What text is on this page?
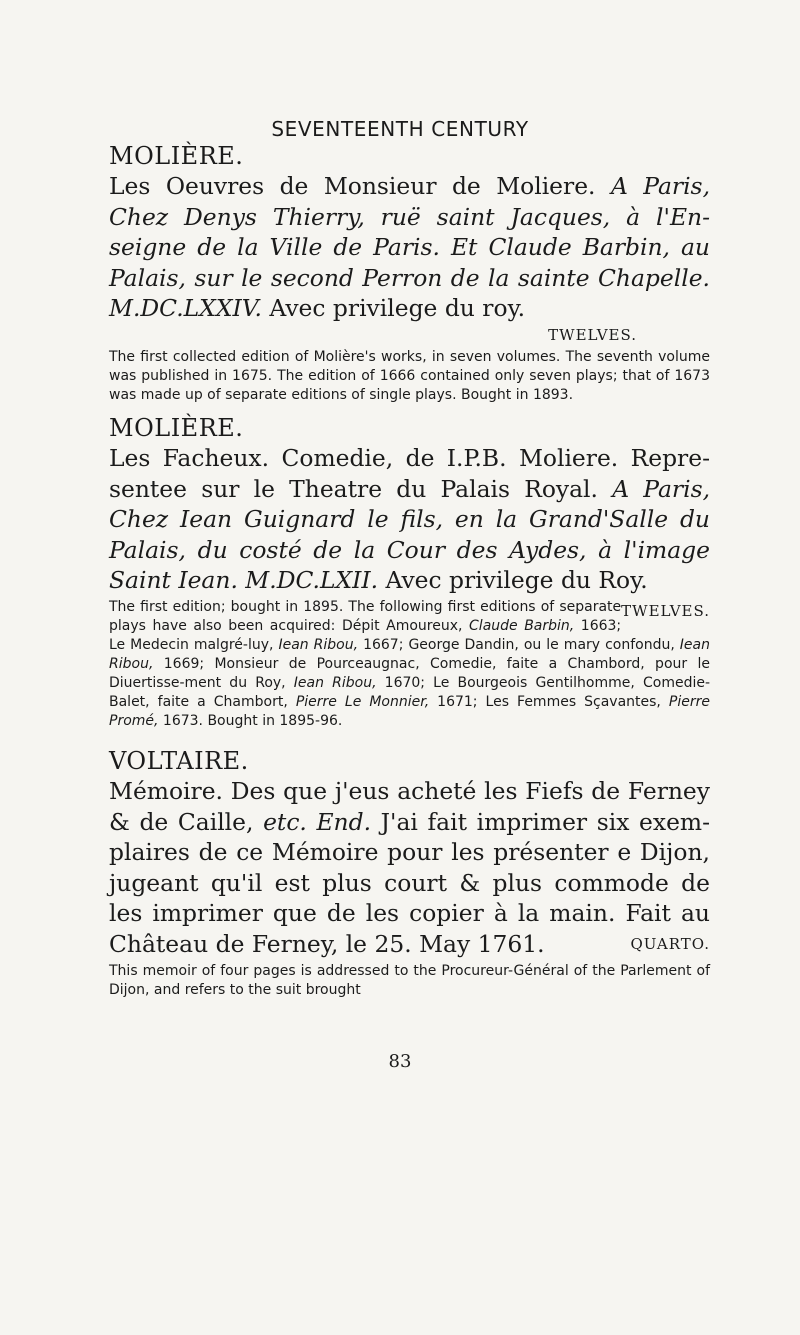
SEVENTEENTH CENTURY
MOLIÈRE.
Les Oeuvres de Monsieur de Moliere. A Paris, Chez Denys Thierry, ruë saint Jacques, à l'En-seigne de la Ville de Paris. Et Claude Barbin, au Palais, sur le second Perron de la sainte Chapelle. M.DC.LXXIV. Avec privilege du roy.
TWELVES.
The first collected edition of Molière's works, in seven volumes. The seventh volume was published in 1675. The edition of 1666 contained only seven plays; that of 1673 was made up of separate editions of single plays. Bought in 1893.
MOLIÈRE.
Les Facheux. Comedie, de I.P.B. Moliere. Repre-sentee sur le Theatre du Palais Royal. A Paris, Chez Iean Guignard le fils, en la Grand'Salle du Palais, du costé de la Cour des Aydes, à l'image Saint Iean. M.DC.LXII. Avec privilege du Roy.
TWELVES.
The first edition; bought in 1895. The following first editions of separate plays have also been acquired: Dépit Amoureux, Claude Barbin, 1663; Le Medecin malgré-luy, Iean Ribou, 1667; George Dandin, ou le mary confondu, Iean Ribou, 1669; Monsieur de Pourceaugnac, Comedie, faite a Chambord, pour le Diuertisse-ment du Roy, Iean Ribou, 1670; Le Bourgeois Gentilhomme, Comedie-Balet, faite a Chambort, Pierre Le Monnier, 1671; Les Femmes Sçavantes, Pierre Promé, 1673. Bought in 1895-96.
VOLTAIRE.
Mémoire. Des que j'eus acheté les Fiefs de Ferney & de Caille, etc. End. J'ai fait imprimer six exem-plaires de ce Mémoire pour les présenter e Dijon, jugeant qu'il est plus court & plus commode de les imprimer que de les copier à la main. Fait au Château de Ferney, le 25. May 1761.	QUARTO.
This memoir of four pages is addressed to the Procureur-Général of the Parlement of Dijon, and refers to the suit brought
83
